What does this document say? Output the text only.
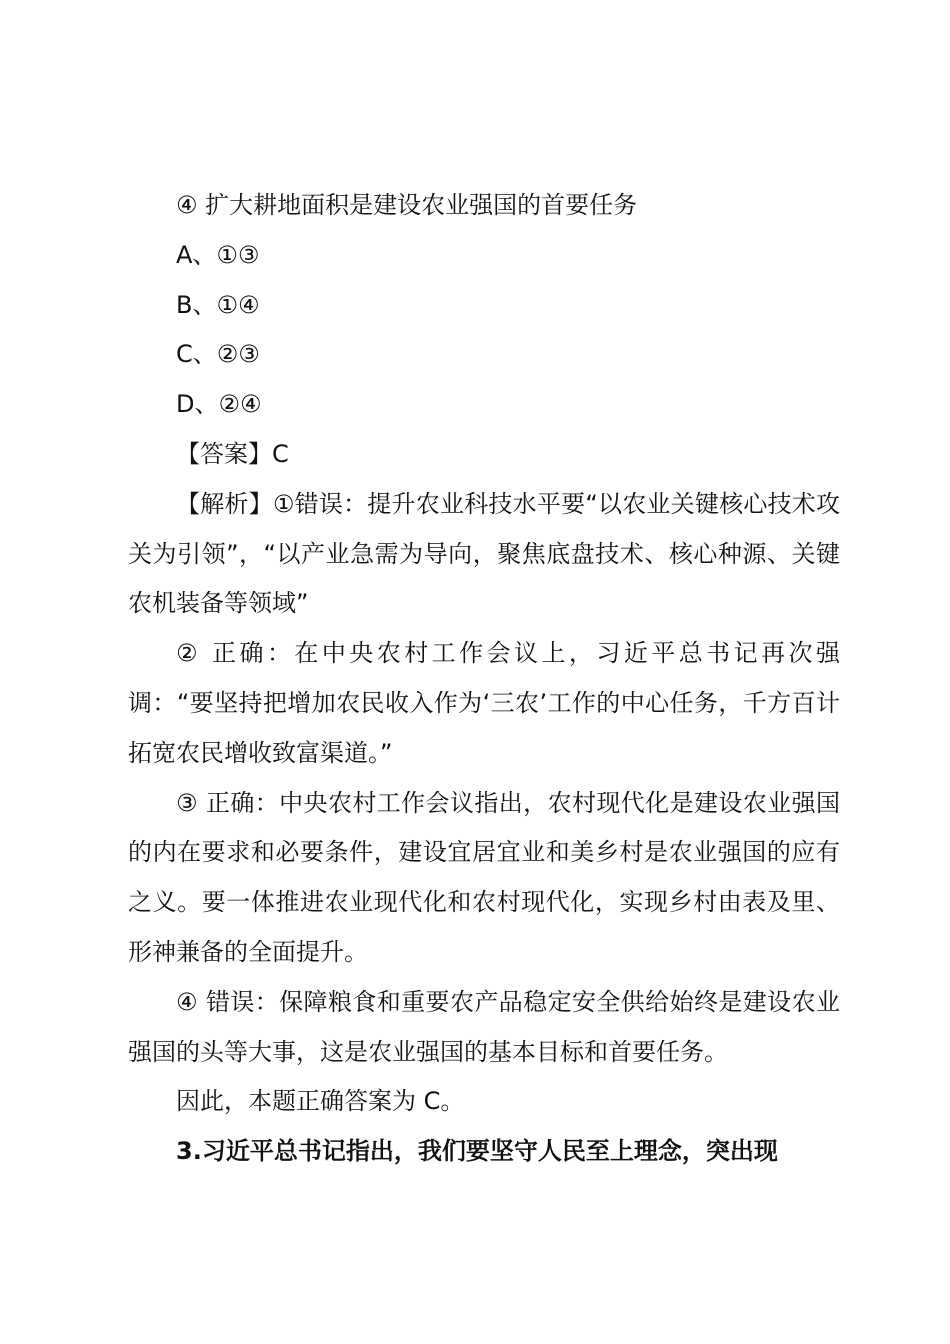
④ 扩大耕地面积是建设农业强国的首要任务

A、①③

B、①④

C、②③

D、②④

【答案】C

【解析】①错误：提升农业科技水平要“以农业关键核心技术攻关为引领”，“以产业急需为导向，聚焦底盘技术、核心种源、关键农机装备等领域”

② 正确：在中央农村工作会议上，习近平总书记再次强调：“要坚持把增加农民收入作为‘三农’工作的中心任务，千方百计拓宽农民增收致富渠道。”

③ 正确：中央农村工作会议指出，农村现代化是建设农业强国的内在要求和必要条件，建设宜居宜业和美乡村是农业强国的应有之义。要一体推进农业现代化和农村现代化，实现乡村由表及里、形神兼备的全面提升。

④ 错误：保障粮食和重要农产品稳定安全供给始终是建设农业强国的头等大事，这是农业强国的基本目标和首要任务。

因此，本题正确答案为 C。

3.习近平总书记指出，我们要坚守人民至上理念，突出现
